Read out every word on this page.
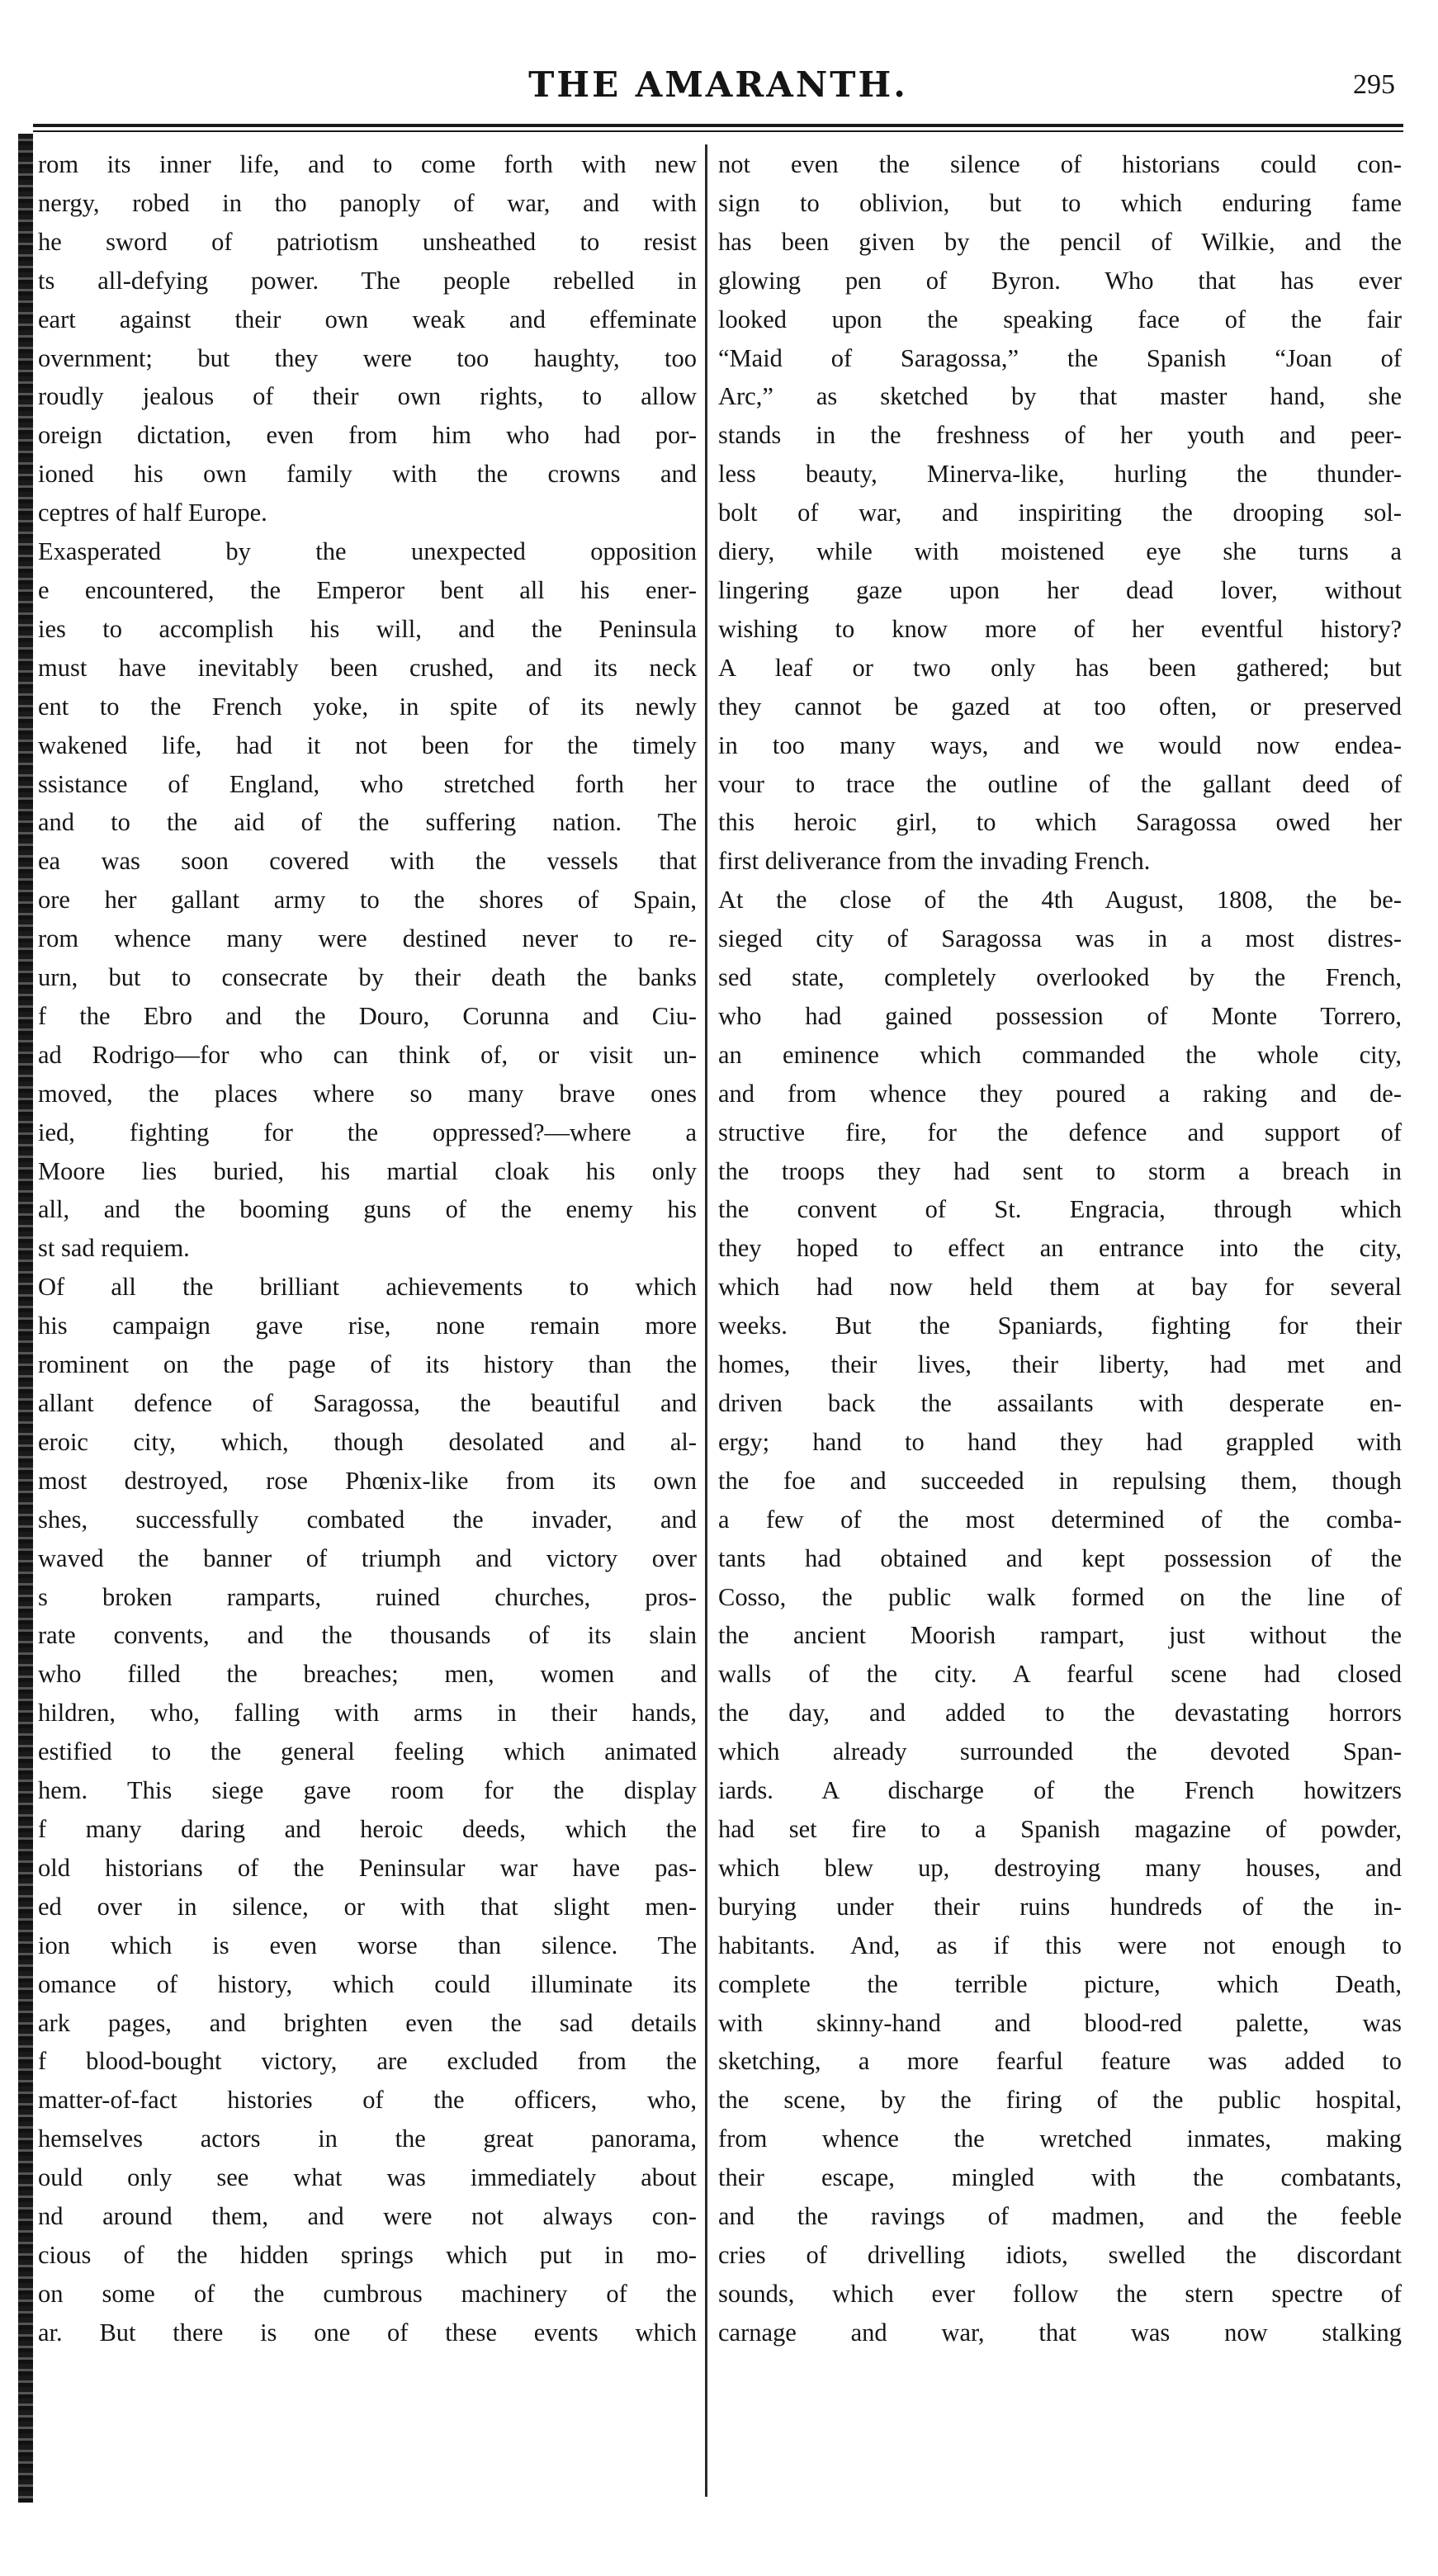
THE AMARANTH.	295
rom its inner life, and to come forth with new
nergy, robed in tho panoply of war, and with
he sword of patriotism unsheathed to resist
ts all-defying power. The people rebelled in
eart against their own weak and effeminate
overnment; but they were too haughty, too
roudly jealous of their own rights, to allow
oreign dictation, even from him who had por-
ioned his own family with the crowns and
ceptres of half Europe.
Exasperated by the unexpected opposition
e encountered, the Emperor bent all his ener-
ies to accomplish his will, and the Peninsula
must have inevitably been crushed, and its neck
ent to the French yoke, in spite of its newly
wakened life, had it not been for the timely
ssistance of England, who stretched forth her
and to the aid of the suffering nation. The
ea was soon covered with the vessels that
ore her gallant army to the shores of Spain,
rom whence many were destined never to re-
urn, but to consecrate by their death the banks
f the Ebro and the Douro, Corunna and Ciu-
ad Rodrigo—for who can think of, or visit un-
moved, the places where so many brave ones
ied, fighting for the oppressed?—where a
Moore lies buried, his martial cloak his only
all, and the booming guns of the enemy his
st sad requiem.
Of all the brilliant achievements to which
his campaign gave rise, none remain more
rominent on the page of its history than the
allant defence of Saragossa, the beautiful and
eroic city, which, though desolated and al-
most destroyed, rose Phœnix-like from its own
shes, successfully combated the invader, and
waved the banner of triumph and victory over
s broken ramparts, ruined churches, pros-
rate convents, and the thousands of its slain
who filled the breaches; men, women and
hildren, who, falling with arms in their hands,
estified to the general feeling which animated
hem. This siege gave room for the display
f many daring and heroic deeds, which the
old historians of the Peninsular war have pas-
ed over in silence, or with that slight men-
ion which is even worse than silence. The
omance of history, which could illuminate its
ark pages, and brighten even the sad details
f blood-bought victory, are excluded from the
matter-of-fact histories of the officers, who,
hemselves actors in the great panorama,
ould only see what was immediately about
nd around them, and were not always con-
cious of the hidden springs which put in mo-
on some of the cumbrous machinery of the
ar. But there is one of these events which
not even the silence of historians could con-
sign to oblivion, but to which enduring fame
has been given by the pencil of Wilkie, and the
glowing pen of Byron. Who that has ever
looked upon the speaking face of the fair
“Maid of Saragossa,” the Spanish “Joan of
Arc,” as sketched by that master hand, she
stands in the freshness of her youth and peer-
less beauty, Minerva-like, hurling the thunder-
bolt of war, and inspiriting the drooping sol-
diery, while with moistened eye she turns a
lingering gaze upon her dead lover, without
wishing to know more of her eventful history?
A leaf or two only has been gathered; but
they cannot be gazed at too often, or preserved
in too many ways, and we would now endea-
vour to trace the outline of the gallant deed of
this heroic girl, to which Saragossa owed her
first deliverance from the invading French.
At the close of the 4th August, 1808, the be-
sieged city of Saragossa was in a most distres-
sed state, completely overlooked by the French,
who had gained possession of Monte Torrero,
an eminence which commanded the whole city,
and from whence they poured a raking and de-
structive fire, for the defence and support of
the troops they had sent to storm a breach in
the convent of St. Engracia, through which
they hoped to effect an entrance into the city,
which had now held them at bay for several
weeks. But the Spaniards, fighting for their
homes, their lives, their liberty, had met and
driven back the assailants with desperate en-
ergy; hand to hand they had grappled with
the foe and succeeded in repulsing them, though
a few of the most determined of the comba-
tants had obtained and kept possession of the
Cosso, the public walk formed on the line of
the ancient Moorish rampart, just without the
walls of the city. A fearful scene had closed
the day, and added to the devastating horrors
which already surrounded the devoted Span-
iards. A discharge of the French howitzers
had set fire to a Spanish magazine of powder,
which blew up, destroying many houses, and
burying under their ruins hundreds of the in-
habitants. And, as if this were not enough to
complete the terrible picture, which Death,
with skinny-hand and blood-red palette, was
sketching, a more fearful feature was added to
the scene, by the firing of the public hospital,
from whence the wretched inmates, making
their escape, mingled with the combatants,
and the ravings of madmen, and the feeble
cries of drivelling idiots, swelled the discordant
sounds, which ever follow the stern spectre of
carnage and war, that was now stalking
